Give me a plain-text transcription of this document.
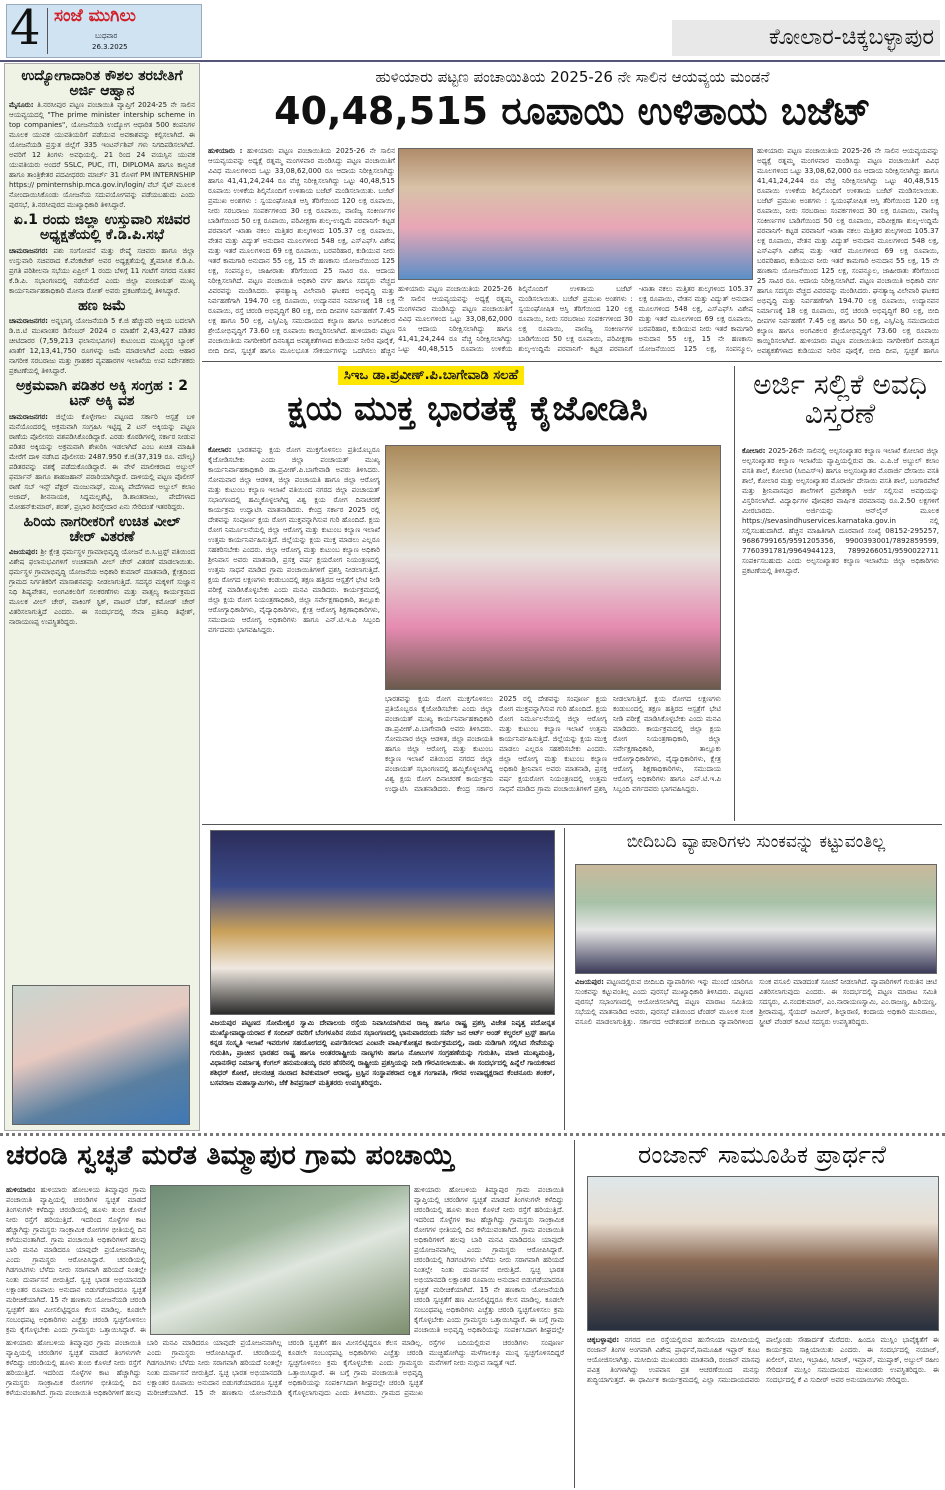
4 ಸಂಜೆ ಮುಗಿಲು
ಬುಧವಾರ
26.3.2025	ಕೋಲಾರ-ಚಿಕ್ಕಬಳ್ಳಾಪುರ
ಉದ್ಯೋಗಾದಾರಿತ ಕೌಶಲ ತರಬೇತಿಗೆ ಅರ್ಜಿ ಆಹ್ವಾನ
ಮೈಸೂರು: ತಿ.ನರಸೀಪುರ ಪಟ್ಟಣ ಪಂಚಾಯಿತಿ ವ್ಯಾಪ್ತಿಗೆ 2024-25 ನೇ ಸಾಲಿನ ಆಯವ್ಯಯದಲ್ಲಿ "The prime minister intership scheme in top companies", ಯೋಜನೆಯಡಿ ಉದ್ಯೋಗ ಆಧಾರಿತ 500 ಕಂಪನಿಗಳ ಮೂಲಕ ಯುವಕ ಯುವತಿಯರಿಗೆ ಪಡೆಯುವ ಅವಕಾಶವನ್ನು ಕಲ್ಪಿಸಲಾಗಿದೆ. ಈ ಯೋಜನೆಯಡಿ ಪ್ರಸ್ತುತ ಜಿಲ್ಲೆಗೆ 335 ಇಂಟರ್ನ್‌ಶಿಪ್ ಗಳು ನಿಗದಿಪಡಿಸಲಾಗಿದೆ. ಅವರಿಗೆ 12 ತಿಂಗಳು ಅವಧಿಯಲ್ಲಿ. 21 ರಿಂದ 24 ವಯಸ್ಸಿನ ಯುವಕ ಯುವತಿಯರು ಅಂದರೆ SSLC, PUC, ITI, DIPLOMA ಹಾಗೂ ಕಾಲ್ಪನಿಕ ಹಾಗೂ ತಾಂತ್ರಿಕೇತರ ಪದವೀಧರರು ಮಾರ್ಚ್ 31 ರೊಳಗೆ PM INTERNSHIP https:// pminternship.mca.gov.in/login/ ವೆಬ್ ಸೈಟ್ ಮೂಲಕ ನೋಂದಾಯಿಸಿಕೊಂಡು ಯೋಜನೆಯ ಸದುಪಯೋಗವನ್ನು ಪಡೆಯಬಹುದು ಎಂದು ಪುರಸಭೆ, ತಿ.ನರಸೀಪುರದ ಮುಖ್ಯಾಧಿಕಾರಿ ತಿಳಿಸಿದ್ದಾರೆ.
ಏ.1 ರಂದು ಜಿಲ್ಲಾ ಉಸ್ತುವಾರಿ ಸಚಿವರ ಅಧ್ಯಕ್ಷತೆಯಲ್ಲಿ ಕೆ.ಡಿ.ಪಿ.ಸಭೆ
ಚಾಮರಾಜನಗರ: ಪಶು ಸಂಗೋಪನೆ ಮತ್ತು ರೇಷ್ಮೆ ಸಚಿವರು ಹಾಗೂ ಜಿಲ್ಲಾ ಉಸ್ತುವಾರಿ ಸಚಿವರಾದ ಕೆ.ವೆಂಕಟೇಶ್ ಅವರ ಅಧ್ಯಕ್ಷತೆಯಲ್ಲಿ ತ್ರೈಮಾಸಿಕ ಕೆ.ಡಿ.ಪಿ. ಪ್ರಗತಿ ಪರಿಶೀಲನಾ ಸಭೆಯು ಏಪ್ರಿಲ್ 1 ರಂದು ಬೆಳಿಗ್ಗೆ 11 ಗಂಟೆಗೆ ನಗರದ ನೂತನ ಕೆ.ಡಿ.ಪಿ. ಸಭಾಂಗಣದಲ್ಲಿ ನಡೆಯಲಿದೆ ಎಂದು ಜಿಲ್ಲಾ ಪಂಚಾಯತ್ ಮುಖ್ಯ ಕಾರ್ಯನಿರ್ವಾಹಕಾಧಿಕಾರಿ ಮೋನಾ ರೋತ್ ಅವರು ಪ್ರಕಟಣೆಯಲ್ಲಿ ತಿಳಿಸಿದ್ದಾರೆ.
ಹಣ ಜಮೆ
ಚಾಮರಾಜನಗರ: ಅನ್ನಭಾಗ್ಯ ಯೋಜನೆಯಡಿ 5 ಕೆ.ಜಿ ಹೆಚ್ಚುವರಿ ಅಕ್ಕಿಯ ಬದಲಾಗಿ ಡಿ.ಬಿ.ಟಿ ಮುಖಾಂತರ ಡಿಸೆಂಬರ್ 2024 ರ ಮಾಹೆಗೆ 2,43,427 ಪಡಿತರ ಚೀಟಿದಾರರ (7,59,213 ಫಲಾನುಭವಿಗಳ) ಕುಟುಂಬದ ಮುಖ್ಯಸ್ಥರ ಬ್ಯಾಂಕ್ ಖಾತೆಗೆ 12,13,41,750 ರೂಗಳನ್ನು ಜಮೆ ಮಾಡಲಾಗಿದೆ ಎಂದು ಆಹಾರ ನಾಗರೀಕ ಸರಬರಾಜು ಮತ್ತು ಗ್ರಾಹಕರ ವ್ಯವಹಾರಗಳ ಇಲಾಖೆಯ ಉಪ ನಿರ್ದೇಶಕರು ಪ್ರಕಟಣೆಯಲ್ಲಿ ತಿಳಿಸಿದ್ದಾರೆ.
ಅಕ್ರಮವಾಗಿ ಪಡಿತರ ಅಕ್ಕಿ ಸಂಗ್ರಹ : 2 ಟನ್ ಅಕ್ಕಿ ವಶ
ಚಾಮರಾಜನಗರ: ಜಿಲ್ಲೆಯ ಕೊಳ್ಳೇಗಾಲ ಪಟ್ಟಣದ ಸರ್ಕಾರಿ ಆಸ್ಪತ್ರೆ ಬಳಿ ಮನೆಯೊಂದರಲ್ಲಿ ಅಕ್ರಮವಾಗಿ ಸಂಗ್ರಹಿಸಿ ಇಟ್ಟಿದ್ದ 2 ಟನ್ ಅಕ್ಕಿಯನ್ನು ಪಟ್ಟಣ ಠಾಣೆಯ ಪೊಲೀಸರು ವಶಪಡಿಸಿಕೊಂಡಿದ್ದಾರೆ. ಎರಡು ಕೊಠಡಿಗಳಲ್ಲಿ ಸರ್ಕಾರ ನೀಡುವ ಪಡಿತರ ಅಕ್ಕಿಯನ್ನು ಅಕ್ರಮವಾಗಿ ಶೇಖರಿಸಿ ಇಡಲಾಗಿದೆ ಎಂಬ ಖಚಿತ ಮಾಹಿತಿ ಮೇರೆಗೆ ದಾಳಿ ನಡೆಸಿದ ಪೊಲೀಸರು 2487.950 ಕೆ.ಜಿ(37,319 ರೂ. ಮೌಲ್ಯ) ಪಡಿತರವನ್ನು ವಶಕ್ಕೆ ಪಡೆದುಕೊಂಡಿದ್ದಾರೆ. ಈ ವೇಳೆ ಮಾಲೀಕರಾದ ಅಬ್ದುಲ್ ಫರ್ಮಾನ್ ಹಾಗೂ ಶಾಹಜಹಾನ್ ಪರಾರಿಯಾಗಿದ್ದಾರೆ. ದಾಳಿಯಲ್ಲಿ ಪಟ್ಟಣ ಪೊಲೀಸ್ ಠಾಣೆ ಸಬ್ ಇನ್ಸ್ ಪೆಕ್ಟರ್ ಮಂಜುನಾಥ್, ಮುಖ್ಯ ಪೇದೆಗಳಾದ ಅಬ್ದುಲ್ ಕಲಾಂ ಅಜಾದ್, ಶೀನನಾಯಕ, ಸಿದ್ದಮಲ್ಲಶೆಟ್ಟಿ, ಡಿ.ಶಾಂತರಾಜು, ಪೇದೆಗಳಾದ ಮೋಹನ್‌ಕುಮಾರ್, ಶರತ್, ಪ್ರಭಾರ ಶಿರಸ್ತೇದಾರ ಏನು ಸೇರಿದಂತೆ ಇತರರಿದ್ದರು.
ಹಿರಿಯ ನಾಗರೀಕರಿಗೆ ಉಚಿತ ವೀಲ್ ಚೇರ್ ವಿತರಣೆ
ವಿಜಯಪುರ: ಶ್ರೀ ಕ್ಷೇತ್ರ ಧರ್ಮಸ್ಥಳ ಗ್ರಾಮಾಭಿವೃದ್ಧಿ ಯೋಜನೆ ಬಿ.ಸಿ.ಟ್ರಸ್ಟ್ ವತಿಯಿಂದ ವಿಶೇಷ ಫಲಾನುಭವಿಗಳಿಗೆ ಉಚಿತವಾಗಿ ವೀಲ್ ಚೇರ್ ವಿತರಣೆ ಮಾಡಲಾಯಿತು. ಧರ್ಮಸ್ಥಳ ಗ್ರಾಮಾಭಿವೃದ್ಧಿ ಯೋಜನೆಯ ಅಧಿಕಾರಿ ಕುಮಾರ್ ಮಾತನಾಡಿ, ಕ್ಷೇತ್ರದಿಂದ ಗ್ರಾಮದ ನಿರ್ಗತಿಕರಿಗೆ ಮಾಸಾಶನವನ್ನು ನೀಡಲಾಗುತ್ತಿದೆ. ಸದಸ್ಯರ ಮಕ್ಕಳಿಗೆ ಸುಜ್ಞಾನ ನಿಧಿ ಶಿಷ್ಯವೇತನ, ಅಂಗವಿಕಲರಿಗೆ ಸಲಕರಣೆಗಳು ಮತ್ತು ವಾತ್ಸಲ್ಯ ಕಾರ್ಯಕ್ರಮದ ಮೂಲಕ ವೀಲ್ ಚೇರ್, ವಾಕಿಂಗ್ ಸ್ಟಿಕ್, ವಾಟರ್ ಬೆಡ್, ಕಮೋಡ್ ಚೇರ್ ವಿತರಿಸಲಾಗುತ್ತಿದೆ ಎಂದರು. ಈ ಸಂದರ್ಭದಲ್ಲಿ ಸೇವಾ ಪ್ರತಿನಿಧಿ ತಿಪ್ಪೇಶ್, ನಾರಾಯಣಪ್ಪ ಉಪಸ್ಥಿತರಿದ್ದರು.
ಹುಳಿಯಾರು ಪಟ್ಟಣ ಪಂಚಾಯಿತಿಯ 2025-26 ನೇ ಸಾಲಿನ ಆಯವ್ಯಯ ಮಂಡನೆ
40,48,515 ರೂಪಾಯಿ ಉಳಿತಾಯ ಬಜೆಟ್
ಹುಳಿಯಾರು : ಹುಳಿಯಾರು ಪಟ್ಟಣ ಪಂಚಾಯಿತಿಯ 2025-26 ನೇ ಸಾಲಿನ ಆಯವ್ಯಯವನ್ನು ಅಧ್ಯಕ್ಷೆ ರತ್ನಮ್ಮ ಮಂಗಳವಾರ ಮಂಡಿಸಿದ್ದು ಪಟ್ಟಣ ಪಂಚಾಯಿತಿಗೆ ವಿವಿಧ ಮೂಲಗಳಿಂದ ಒಟ್ಟು 33,08,62,000 ರೂ ಆದಾಯ ನಿರೀಕ್ಷಿಸಲಾಗಿದ್ದು ಹಾಗೂ 41,41,24,244 ರೂ ವೆಚ್ಚ ನಿರೀಕ್ಷಿಸಲಾಗಿದ್ದು ಒಟ್ಟು 40,48,515 ರೂಪಾಯಿ ಉಳಿಕೆಯ ಶಿಲ್ಕಿನೊಂದಿಗೆ ಉಳಿತಾಯ ಬಜೆಟ್ ಮಂಡಿಸಲಾಯಿತು. ಬಜೆಟ್ ಪ್ರಮುಖ ಅಂಶಗಳು : ಸ್ವಯಂಘೋಷಿತ ಆಸ್ತಿ ತೆರಿಗೆಯಿಂದ 120 ಲಕ್ಷ ರೂಪಾಯಿ, ನೀರು ಸರಬರಾಜು ಸಂಪರ್ಕಗಳಿಂದ 30 ಲಕ್ಷ ರೂಪಾಯಿ, ವಾಣಿಜ್ಯ ಸಂಕೀರ್ಣಗಳ ಬಾಡಿಗೆಯಿಂದ 50 ಲಕ್ಷ ರೂಪಾಯಿ, ಪರಿವೀಕ್ಷಣಾ ಶುಲ್ಕ-ಉದ್ದಿಮೆ ಪರವಾನಿಗೆ- ಕಟ್ಟಡ ಪರವಾನಿಗೆ -ಖಾತಾ ನಕಲು ಮತ್ತಿತರ ಶುಲ್ಕಗಳಿಂದ 105.37 ಲಕ್ಷ ರೂಪಾಯಿ, ವೇತನ ಮತ್ತು ವಿದ್ಯುತ್ ಅನುದಾನ ಮೂಲಗಳಿಂದ 548 ಲಕ್ಷ, ಎಸ್ಎಫ್‌ಸಿ ವಿಶೇಷ ಮತ್ತು ಇತರೆ ಮೂಲಗಳಿಂದ 69 ಲಕ್ಷ ರೂಪಾಯಿ, ಬರಪರಿಹಾರ, ಕುಡಿಯುವ ನೀರು ಇತರೆ ಕಾಮಗಾರಿ ಅನುದಾನ 55 ಲಕ್ಷ, 15 ನೇ ಹಣಕಾಸು ಯೋಜನೆಯಿಂದ 125 ಲಕ್ಷ, ಸಂಪನ್ಮೂಲ, ಜಾಹೀರಾತು ತೆರಿಗೆಯಿಂದ 25 ಸಾವಿರ ರೂ. ಆದಾಯ ನಿರೀಕ್ಷಿಸಲಾಗಿದೆ. ಪಟ್ಟಣ ಪಂಚಾಯಿತಿ ಅಧಿಕಾರಿ ವರ್ಗ ಹಾಗೂ ಸದಸ್ಯರು ವೆಚ್ಚದ ವಿವರವನ್ನು ಮಂಡಿಸಿದರು. ಘನತ್ಯಾಜ್ಯ ವಿಲೇವಾರಿ ಘಟಕದ ಅಭಿವೃದ್ಧಿ ಮತ್ತು ನಿರ್ವಹಣೆಗಾಗಿ 194.70 ಲಕ್ಷ ರೂಪಾಯಿ, ಉದ್ಯಾನವನ ನಿರ್ಮಾಣಕ್ಕೆ 18 ಲಕ್ಷ ರೂಪಾಯಿ, ರಸ್ತೆ ಚರಂಡಿ ಅಭಿವೃದ್ಧಿಗೆ 80 ಲಕ್ಷ, ಬೀದಿ ದೀಪಗಳ ನಿರ್ವಹಣೆಗೆ 7.45 ಲಕ್ಷ ಹಾಗೂ 50 ಲಕ್ಷ, ಎಸ್ಸಿ/ಎಸ್ಟಿ ಸಮುದಾಯದ ಕಲ್ಯಾಣ ಹಾಗೂ ಅಂಗವಿಕಲರ ಶ್ರೇಯೋಭಿವೃದ್ಧಿಗೆ 73.60 ಲಕ್ಷ ರೂಪಾಯಿ ಕಾಯ್ದಿರಿಸಲಾಗಿದೆ. ಹುಳಿಯಾರು ಪಟ್ಟಣ ಪಂಚಾಯಿತಿಯ ನಾಗರೀಕರಿಗೆ ದಿನನಿತ್ಯದ ಅವಶ್ಯಕತೆಗಳಾದ ಕುಡಿಯುವ ನೀರಿನ ಪೂರೈಕೆ, ಬೀದಿ ದೀಪ, ಸ್ವಚ್ಛತೆ ಹಾಗೂ ಮೂಲಭೂತ ಸೌಕರ್ಯಗಳನ್ನು ಒದಗಿಸಲು ಹೆಚ್ಚಿನ
ಹುಳಿಯಾರು ಪಟ್ಟಣ ಪಂಚಾಯಿತಿಯ 2025-26 ನೇ ಸಾಲಿನ ಆಯವ್ಯಯವನ್ನು ಅಧ್ಯಕ್ಷೆ ರತ್ನಮ್ಮ ಮಂಗಳವಾರ ಮಂಡಿಸಿದ್ದು ಪಟ್ಟಣ ಪಂಚಾಯಿತಿಗೆ ವಿವಿಧ ಮೂಲಗಳಿಂದ ಒಟ್ಟು 33,08,62,000 ರೂ ಆದಾಯ ನಿರೀಕ್ಷಿಸಲಾಗಿದ್ದು ಹಾಗೂ 41,41,24,244 ರೂ ವೆಚ್ಚ ನಿರೀಕ್ಷಿಸಲಾಗಿದ್ದು ಒಟ್ಟು 40,48,515 ರೂಪಾಯಿ ಉಳಿಕೆಯ ಶಿಲ್ಕಿನೊಂದಿಗೆ ಉಳಿತಾಯ ಬಜೆಟ್ ಮಂಡಿಸಲಾಯಿತು. ಬಜೆಟ್ ಪ್ರಮುಖ ಅಂಶಗಳು : ಸ್ವಯಂಘೋಷಿತ ಆಸ್ತಿ ತೆರಿಗೆಯಿಂದ 120 ಲಕ್ಷ ರೂಪಾಯಿ, ನೀರು ಸರಬರಾಜು ಸಂಪರ್ಕಗಳಿಂದ 30 ಲಕ್ಷ ರೂಪಾಯಿ, ವಾಣಿಜ್ಯ ಸಂಕೀರ್ಣಗಳ ಬಾಡಿಗೆಯಿಂದ 50 ಲಕ್ಷ ರೂಪಾಯಿ, ಪರಿವೀಕ್ಷಣಾ ಶುಲ್ಕ-ಉದ್ದಿಮೆ ಪರವಾನಿಗೆ- ಕಟ್ಟಡ ಪರವಾನಿಗೆ -ಖಾತಾ ನಕಲು ಮತ್ತಿತರ ಶುಲ್ಕಗಳಿಂದ 105.37 ಲಕ್ಷ ರೂಪಾಯಿ, ವೇತನ ಮತ್ತು ವಿದ್ಯುತ್ ಅನುದಾನ ಮೂಲಗಳಿಂದ 548 ಲಕ್ಷ, ಎಸ್ಎಫ್‌ಸಿ ವಿಶೇಷ ಮತ್ತು ಇತರೆ ಮೂಲಗಳಿಂದ 69 ಲಕ್ಷ ರೂಪಾಯಿ, ಬರಪರಿಹಾರ, ಕುಡಿಯುವ ನೀರು ಇತರೆ ಕಾಮಗಾರಿ ಅನುದಾನ 55 ಲಕ್ಷ, 15 ನೇ ಹಣಕಾಸು ಯೋಜನೆಯಿಂದ 125 ಲಕ್ಷ, ಸಂಪನ್ಮೂಲ,
ಹುಳಿಯಾರು ಪಟ್ಟಣ ಪಂಚಾಯಿತಿಯ 2025-26 ನೇ ಸಾಲಿನ ಆಯವ್ಯಯವನ್ನು ಅಧ್ಯಕ್ಷೆ ರತ್ನಮ್ಮ ಮಂಗಳವಾರ ಮಂಡಿಸಿದ್ದು ಪಟ್ಟಣ ಪಂಚಾಯಿತಿಗೆ ವಿವಿಧ ಮೂಲಗಳಿಂದ ಒಟ್ಟು 33,08,62,000 ರೂ ಆದಾಯ ನಿರೀಕ್ಷಿಸಲಾಗಿದ್ದು ಹಾಗೂ 41,41,24,244 ರೂ ವೆಚ್ಚ ನಿರೀಕ್ಷಿಸಲಾಗಿದ್ದು ಒಟ್ಟು 40,48,515 ರೂಪಾಯಿ ಉಳಿಕೆಯ ಶಿಲ್ಕಿನೊಂದಿಗೆ ಉಳಿತಾಯ ಬಜೆಟ್ ಮಂಡಿಸಲಾಯಿತು. ಬಜೆಟ್ ಪ್ರಮುಖ ಅಂಶಗಳು : ಸ್ವಯಂಘೋಷಿತ ಆಸ್ತಿ ತೆರಿಗೆಯಿಂದ 120 ಲಕ್ಷ ರೂಪಾಯಿ, ನೀರು ಸರಬರಾಜು ಸಂಪರ್ಕಗಳಿಂದ 30 ಲಕ್ಷ ರೂಪಾಯಿ, ವಾಣಿಜ್ಯ ಸಂಕೀರ್ಣಗಳ ಬಾಡಿಗೆಯಿಂದ 50 ಲಕ್ಷ ರೂಪಾಯಿ, ಪರಿವೀಕ್ಷಣಾ ಶುಲ್ಕ-ಉದ್ದಿಮೆ ಪರವಾನಿಗೆ- ಕಟ್ಟಡ ಪರವಾನಿಗೆ -ಖಾತಾ ನಕಲು ಮತ್ತಿತರ ಶುಲ್ಕಗಳಿಂದ 105.37 ಲಕ್ಷ ರೂಪಾಯಿ, ವೇತನ ಮತ್ತು ವಿದ್ಯುತ್ ಅನುದಾನ ಮೂಲಗಳಿಂದ 548 ಲಕ್ಷ, ಎಸ್ಎಫ್‌ಸಿ ವಿಶೇಷ ಮತ್ತು ಇತರೆ ಮೂಲಗಳಿಂದ 69 ಲಕ್ಷ ರೂಪಾಯಿ, ಬರಪರಿಹಾರ, ಕುಡಿಯುವ ನೀರು ಇತರೆ ಕಾಮಗಾರಿ ಅನುದಾನ 55 ಲಕ್ಷ, 15 ನೇ ಹಣಕಾಸು ಯೋಜನೆಯಿಂದ 125 ಲಕ್ಷ, ಸಂಪನ್ಮೂಲ, ಜಾಹೀರಾತು ತೆರಿಗೆಯಿಂದ 25 ಸಾವಿರ ರೂ. ಆದಾಯ ನಿರೀಕ್ಷಿಸಲಾಗಿದೆ. ಪಟ್ಟಣ ಪಂಚಾಯಿತಿ ಅಧಿಕಾರಿ ವರ್ಗ ಹಾಗೂ ಸದಸ್ಯರು ವೆಚ್ಚದ ವಿವರವನ್ನು ಮಂಡಿಸಿದರು. ಘನತ್ಯಾಜ್ಯ ವಿಲೇವಾರಿ ಘಟಕದ ಅಭಿವೃದ್ಧಿ ಮತ್ತು ನಿರ್ವಹಣೆಗಾಗಿ 194.70 ಲಕ್ಷ ರೂಪಾಯಿ, ಉದ್ಯಾನವನ ನಿರ್ಮಾಣಕ್ಕೆ 18 ಲಕ್ಷ ರೂಪಾಯಿ, ರಸ್ತೆ ಚರಂಡಿ ಅಭಿವೃದ್ಧಿಗೆ 80 ಲಕ್ಷ, ಬೀದಿ ದೀಪಗಳ ನಿರ್ವಹಣೆಗೆ 7.45 ಲಕ್ಷ ಹಾಗೂ 50 ಲಕ್ಷ, ಎಸ್ಸಿ/ಎಸ್ಟಿ ಸಮುದಾಯದ ಕಲ್ಯಾಣ ಹಾಗೂ ಅಂಗವಿಕಲರ ಶ್ರೇಯೋಭಿವೃದ್ಧಿಗೆ 73.60 ಲಕ್ಷ ರೂಪಾಯಿ ಕಾಯ್ದಿರಿಸಲಾಗಿದೆ. ಹುಳಿಯಾರು ಪಟ್ಟಣ ಪಂಚಾಯಿತಿಯ ನಾಗರೀಕರಿಗೆ ದಿನನಿತ್ಯದ ಅವಶ್ಯಕತೆಗಳಾದ ಕುಡಿಯುವ ನೀರಿನ ಪೂರೈಕೆ, ಬೀದಿ ದೀಪ, ಸ್ವಚ್ಛತೆ ಹಾಗೂ
ಸಿಇಒ ಡಾ.ಪ್ರವೀಣ್.ಪಿ.ಬಾಗೇವಾಡಿ ಸಲಹೆ
ಕ್ಷಯ ಮುಕ್ತ ಭಾರತಕ್ಕೆ ಕೈಜೋಡಿಸಿ
ಕೋಲಾರ: ಭಾರತವನ್ನು ಕ್ಷಯ ರೋಗ ಮುಕ್ತಗೊಳಿಸಲು ಪ್ರತಿಯೊಬ್ಬರೂ ಕೈಜೋಡಿಸಬೇಕು ಎಂದು ಜಿಲ್ಲಾ ಪಂಚಾಯತ್ ಮುಖ್ಯ ಕಾರ್ಯನಿರ್ವಾಹಕಾಧಿಕಾರಿ ಡಾ.ಪ್ರವೀಣ್.ಪಿ.ಬಾಗೇವಾಡಿ ಅವರು ತಿಳಿಸಿದರು. ಸೋಮವಾರ ಜಿಲ್ಲಾ ಆಡಳಿತ, ಜಿಲ್ಲಾ ಪಂಚಾಯತಿ ಹಾಗೂ ಜಿಲ್ಲಾ ಆರೋಗ್ಯ ಮತ್ತು ಕುಟುಂಬ ಕಲ್ಯಾಣ ಇಲಾಖೆ ವತಿಯಿಂದ ನಗರದ ಜಿಲ್ಲಾ ಪಂಚಾಯತ್ ಸಭಾಂಗಣದಲ್ಲಿ ಹಮ್ಮಿಕೊಳ್ಳಲಾಗಿದ್ದ ವಿಶ್ವ ಕ್ಷಯ ರೋಗ ದಿನಾಚರಣೆ ಕಾರ್ಯಕ್ರಮ ಉದ್ಘಾಟಿಸಿ ಮಾತನಾಡಿದರು. ಕೇಂದ್ರ ಸರ್ಕಾರ 2025 ರಲ್ಲಿ ದೇಶವನ್ನು ಸಂಪೂರ್ಣ ಕ್ಷಯ ರೋಗ ಮುಕ್ತವನ್ನಾಗಿಸುವ ಗುರಿ ಹೊಂದಿದೆ. ಕ್ಷಯ ರೋಗ ನಿರ್ಮೂಲನೆಯಲ್ಲಿ ಜಿಲ್ಲಾ ಆರೋಗ್ಯ ಮತ್ತು ಕುಟುಂಬ ಕಲ್ಯಾಣ ಇಲಾಖೆ ಉತ್ತಮ ಕಾರ್ಯನಿರ್ವಹಿಸುತ್ತಿದೆ. ಜಿಲ್ಲೆಯನ್ನು ಕ್ಷಯ ಮುಕ್ತ ಮಾಡಲು ಎಲ್ಲರೂ ಸಹಕರಿಸಬೇಕು ಎಂದರು. ಜಿಲ್ಲಾ ಆರೋಗ್ಯ ಮತ್ತು ಕುಟುಂಬ ಕಲ್ಯಾಣ ಅಧಿಕಾರಿ ಶ್ರೀನಿವಾಸ ಅವರು ಮಾತನಾಡಿ, ಪ್ರಸಕ್ತ ವರ್ಷ ಕ್ಷಯರೋಗ ನಿಯಂತ್ರಣದಲ್ಲಿ ಉತ್ತಮ ಸಾಧನೆ ಮಾಡಿದ ಗ್ರಾಮ ಪಂಚಾಯಿತಿಗಳಿಗೆ ಪ್ರಶಸ್ತಿ ನೀಡಲಾಗುತ್ತಿದೆ. ಕ್ಷಯ ರೋಗದ ಲಕ್ಷಣಗಳು ಕಂಡುಬಂದಲ್ಲಿ ತಕ್ಷಣ ಹತ್ತಿರದ ಆಸ್ಪತ್ರೆಗೆ ಭೇಟಿ ನೀಡಿ ಪರೀಕ್ಷೆ ಮಾಡಿಸಿಕೊಳ್ಳಬೇಕು ಎಂದು ಮನವಿ ಮಾಡಿದರು. ಕಾರ್ಯಕ್ರಮದಲ್ಲಿ ಜಿಲ್ಲಾ ಕ್ಷಯ ರೋಗ ನಿಯಂತ್ರಣಾಧಿಕಾರಿ, ಜಿಲ್ಲಾ ಸರ್ವೇಕ್ಷಣಾಧಿಕಾರಿ, ತಾಲ್ಲೂಕು ಆರೋಗ್ಯಾಧಿಕಾರಿಗಳು, ವೈದ್ಯಾಧಿಕಾರಿಗಳು, ಕ್ಷೇತ್ರ ಆರೋಗ್ಯ ಶಿಕ್ಷಣಾಧಿಕಾರಿಗಳು, ಸಮುದಾಯ ಆರೋಗ್ಯ ಅಧಿಕಾರಿಗಳು ಹಾಗೂ ಎನ್.ಟಿ.ಇ.ಪಿ ಸಿಬ್ಬಂದಿ ವರ್ಗದವರು ಭಾಗವಹಿಸಿದ್ದರು.
ಭಾರತವನ್ನು ಕ್ಷಯ ರೋಗ ಮುಕ್ತಗೊಳಿಸಲು ಪ್ರತಿಯೊಬ್ಬರೂ ಕೈಜೋಡಿಸಬೇಕು ಎಂದು ಜಿಲ್ಲಾ ಪಂಚಾಯತ್ ಮುಖ್ಯ ಕಾರ್ಯನಿರ್ವಾಹಕಾಧಿಕಾರಿ ಡಾ.ಪ್ರವೀಣ್.ಪಿ.ಬಾಗೇವಾಡಿ ಅವರು ತಿಳಿಸಿದರು. ಸೋಮವಾರ ಜಿಲ್ಲಾ ಆಡಳಿತ, ಜಿಲ್ಲಾ ಪಂಚಾಯತಿ ಹಾಗೂ ಜಿಲ್ಲಾ ಆರೋಗ್ಯ ಮತ್ತು ಕುಟುಂಬ ಕಲ್ಯಾಣ ಇಲಾಖೆ ವತಿಯಿಂದ ನಗರದ ಜಿಲ್ಲಾ ಪಂಚಾಯತ್ ಸಭಾಂಗಣದಲ್ಲಿ ಹಮ್ಮಿಕೊಳ್ಳಲಾಗಿದ್ದ ವಿಶ್ವ ಕ್ಷಯ ರೋಗ ದಿನಾಚರಣೆ ಕಾರ್ಯಕ್ರಮ ಉದ್ಘಾಟಿಸಿ ಮಾತನಾಡಿದರು. ಕೇಂದ್ರ ಸರ್ಕಾರ 2025 ರಲ್ಲಿ ದೇಶವನ್ನು ಸಂಪೂರ್ಣ ಕ್ಷಯ ರೋಗ ಮುಕ್ತವನ್ನಾಗಿಸುವ ಗುರಿ ಹೊಂದಿದೆ. ಕ್ಷಯ ರೋಗ ನಿರ್ಮೂಲನೆಯಲ್ಲಿ ಜಿಲ್ಲಾ ಆರೋಗ್ಯ ಮತ್ತು ಕುಟುಂಬ ಕಲ್ಯಾಣ ಇಲಾಖೆ ಉತ್ತಮ ಕಾರ್ಯನಿರ್ವಹಿಸುತ್ತಿದೆ. ಜಿಲ್ಲೆಯನ್ನು ಕ್ಷಯ ಮುಕ್ತ ಮಾಡಲು ಎಲ್ಲರೂ ಸಹಕರಿಸಬೇಕು ಎಂದರು. ಜಿಲ್ಲಾ ಆರೋಗ್ಯ ಮತ್ತು ಕುಟುಂಬ ಕಲ್ಯಾಣ ಅಧಿಕಾರಿ ಶ್ರೀನಿವಾಸ ಅವರು ಮಾತನಾಡಿ, ಪ್ರಸಕ್ತ ವರ್ಷ ಕ್ಷಯರೋಗ ನಿಯಂತ್ರಣದಲ್ಲಿ ಉತ್ತಮ ಸಾಧನೆ ಮಾಡಿದ ಗ್ರಾಮ ಪಂಚಾಯಿತಿಗಳಿಗೆ ಪ್ರಶಸ್ತಿ ನೀಡಲಾಗುತ್ತಿದೆ. ಕ್ಷಯ ರೋಗದ ಲಕ್ಷಣಗಳು ಕಂಡುಬಂದಲ್ಲಿ ತಕ್ಷಣ ಹತ್ತಿರದ ಆಸ್ಪತ್ರೆಗೆ ಭೇಟಿ ನೀಡಿ ಪರೀಕ್ಷೆ ಮಾಡಿಸಿಕೊಳ್ಳಬೇಕು ಎಂದು ಮನವಿ ಮಾಡಿದರು. ಕಾರ್ಯಕ್ರಮದಲ್ಲಿ ಜಿಲ್ಲಾ ಕ್ಷಯ ರೋಗ ನಿಯಂತ್ರಣಾಧಿಕಾರಿ, ಜಿಲ್ಲಾ ಸರ್ವೇಕ್ಷಣಾಧಿಕಾರಿ, ತಾಲ್ಲೂಕು ಆರೋಗ್ಯಾಧಿಕಾರಿಗಳು, ವೈದ್ಯಾಧಿಕಾರಿಗಳು, ಕ್ಷೇತ್ರ ಆರೋಗ್ಯ ಶಿಕ್ಷಣಾಧಿಕಾರಿಗಳು, ಸಮುದಾಯ ಆರೋಗ್ಯ ಅಧಿಕಾರಿಗಳು ಹಾಗೂ ಎನ್.ಟಿ.ಇ.ಪಿ ಸಿಬ್ಬಂದಿ ವರ್ಗದವರು ಭಾಗವಹಿಸಿದ್ದರು.
ಅರ್ಜಿ ಸಲ್ಲಿಕೆ ಅವಧಿ ವಿಸ್ತರಣೆ
ಕೋಲಾರ: 2025-26ನೇ ಸಾಲಿನಲ್ಲಿ ಅಲ್ಪಸಂಖ್ಯಾತರ ಕಲ್ಯಾಣ ಇಲಾಖೆ ಕೋಲಾರ ಜಿಲ್ಲಾ ಅಲ್ಪಸಂಖ್ಯಾತರ ಕಲ್ಯಾಣ ಇಲಾಖೆಯ ವ್ಯಾಪ್ತಿಯಲ್ಲಿರುವ ಡಾ. ಎ.ಪಿ.ಜೆ ಅಬ್ದುಲ್ ಕಲಾಂ ವಸತಿ ಶಾಲೆ, ಕೋಲಾರ (ಸಿಬಿಎಸ್‌ಇ) ಹಾಗೂ ಅಲ್ಪಸಂಖ್ಯಾತರ ಮೊರಾರ್ಜಿ ದೇಸಾಯಿ ವಸತಿ ಶಾಲೆ, ಕೋಲಾರ ಮತ್ತು ಅಲ್ಪಸಂಖ್ಯಾತರ ಮೊರಾರ್ಜಿ ದೇಸಾಯಿ ವಸತಿ ಶಾಲೆ, ಬಂಗಾರಪೇಟೆ ಮತ್ತು ಶ್ರೀನಿವಾಸಪುರ ಶಾಲೆಗಳಿಗೆ ಪ್ರವೇಶಕ್ಕಾಗಿ ಅರ್ಜಿ ಸಲ್ಲಿಸುವ ಅವಧಿಯನ್ನು ವಿಸ್ತರಿಸಲಾಗಿದೆ. ವಿದ್ಯಾರ್ಥಿಗಳ ಪೋಷಕರ ವಾರ್ಷಿಕ ವರಮಾನವು ರೂ.2.50 ಲಕ್ಷಗಳಿಗೆ ಮೀರಬಾರದು. ಅರ್ಜಿಯನ್ನು ಆನ್‌ಲೈನ್ ಮೂಲಕ https://sevasindhuservices.karnataka.gov.in ನಲ್ಲಿ ಸಲ್ಲಿಸಬಹುದಾಗಿದೆ. ಹೆಚ್ಚಿನ ಮಾಹಿತಿಗಾಗಿ ದೂರವಾಣಿ ಸಂಖ್ಯೆ 08152-295257, 9686799165/9591205356, 9900393001/7892859599, 7760391781/9964944123, 7899266051/9590022711 ಸಂಪರ್ಕಿಸಬಹುದು ಎಂದು ಅಲ್ಪಸಂಖ್ಯಾತರ ಕಲ್ಯಾಣ ಇಲಾಖೆಯ ಜಿಲ್ಲಾ ಅಧಿಕಾರಿಗಳು ಪ್ರಕಟಣೆಯಲ್ಲಿ ತಿಳಿಸಿದ್ದಾರೆ.
ವಿಜಯಪುರ ಪಟ್ಟಣದ ಸೋಮೇಶ್ವರ ಸ್ವಾಮಿ ದೇವಾಲಯ ರಸ್ತೆಯ ನಿವಾಸಿಯಾಗಿರುವ ರಾಜ್ಯ ಹಾಗೂ ರಾಷ್ಟ್ರ ಪ್ರಶಸ್ತಿ ವಿಜೇತ ನಿವೃತ್ತ ಪದೋನ್ನತ ಮುಖ್ಯೋಪಾಧ್ಯಾಯರಾದ ಕೆ ಸಂದೀಪ್ ರವರಿಗೆ ಬೆಂಗಳೂರಿನ ನಯನ ಸಭಾಂಗಣದಲ್ಲಿ ಭಾನುವಾರದಂದು ಸರ್ವೇ ಜನ ಆರ್ಟ್ ಅಂಡ್ ಕಲ್ಚರಲ್ ಟ್ರಸ್ಟ್ ಹಾಗೂ ಕನ್ನಡ ಸಂಸ್ಕೃತಿ ಇಲಾಖೆ ಇವರುಗಳ ಸಹಯೋಗದಲ್ಲಿ ಏರ್ಪಡಿಸಲಾದ ಎಂಟನೇ ವಾರ್ಷಿಕೋತ್ಸವ ಕಾರ್ಯಕ್ರಮದಲ್ಲಿ, ನಾಡು ನುಡಿಗಾಗಿ ಸಲ್ಲಿಸಿದ ಸೇವೆಯನ್ನು ಗುರುತಿಸಿ, ಪ್ರಾಚೀನ ಭಾರತದ ರಾಷ್ಟ್ರ ಹಾಗೂ ಅಂತರರಾಷ್ಟ್ರೀಯ ನಾಣ್ಯಗಳು ಹಾಗೂ ನೋಟುಗಳ ಸಂಗ್ರಹಣೆಯನ್ನು ಗುರುತಿಸಿ, ಮಾಜಿ ಮುಖ್ಯಮಂತ್ರಿ, ವಿಧಾನಸೌಧ ನಿರ್ಮಾತೃ ಕೆಂಗಲ್ ಹನುಮಂತಯ್ಯ ರವರ ಹೆಸರಿನಲ್ಲಿ ರಾಷ್ಟ್ರೀಯ ಪ್ರಶಸ್ತಿಯನ್ನು ನೀಡಿ ಗೌರವಿಸಲಾಯಿತು. ಈ ಸಂದರ್ಭದಲ್ಲಿ ಹಿನ್ನೆಲೆ ಗಾಯಕರಾದ ಶಶಿಧರ್ ಕೋಟೆ, ಚಲನಚಿತ್ರ ನಟರಾದ ಶಿವಕುಮಾರ್ ಆರಾಧ್ಯ, ಟ್ರಸ್ಟಿನ ಸಂಸ್ಥಾಪಕರಾದ ಲಕ್ಷಿತ ಗಂಗಾಪತಿ, ಗೌರವ ಉಪಾಧ್ಯಕ್ಷರಾದ ಕೆಂಚನೂರು ಶಂಕರ್, ಬಸವರಾಜ ಮಹಾಸ್ವಾಮಿಗಳು, ಜೆಕೆ ಶಿವಪ್ರಸಾದ್ ಮತ್ತಿತರರು ಉಪಸ್ಥಿತರಿದ್ದರು.
ಬೀದಿಬದಿ ವ್ಯಾಪಾರಿಗಳು ಸುಂಕವನ್ನು ಕಟ್ಟುವಂತಿಲ್ಲ
ವಿಜಯಪುರ: ಪಟ್ಟಣದಲ್ಲಿರುವ ಬೀದಿಬದಿ ವ್ಯಾಪಾರಿಗಳು ಇನ್ನು ಮುಂದೆ ಯಾರಿಗೂ ಸುಂಕವನ್ನು ಕಟ್ಟುವಂತಿಲ್ಲ ಎಂದು ಪುರಸಭೆ ಮುಖ್ಯಾಧಿಕಾರಿ ತಿಳಿಸಿದರು. ಪಟ್ಟಣದ ಪುರಸಭೆ ಸಭಾಂಗಣದಲ್ಲಿ ಆಯೋಜಿಸಲಾಗಿದ್ದ ಪಟ್ಟಣ ಮಾರಾಟ ಸಮಿತಿಯ ಸಭೆಯಲ್ಲಿ ಮಾತನಾಡಿದ ಅವರು, ಪುರಸಭೆ ವತಿಯಿಂದ ಟೆಂಡರ್ ಮೂಲಕ ಸುಂಕ ವಸೂಲಿ ಮಾಡಲಾಗುತ್ತಿತ್ತು. ಸರ್ಕಾರದ ಆದೇಶದಂತೆ ಬೀದಿಬದಿ ವ್ಯಾಪಾರಿಗಳಿಂದ ಸುಂಕ ವಸೂಲಿ ಮಾಡದಂತೆ ಸೂಚನೆ ನೀಡಲಾಗಿದೆ. ವ್ಯಾಪಾರಿಗಳಿಗೆ ಗುರುತಿನ ಚೀಟಿ ವಿತರಿಸಲಾಗುವುದು ಎಂದರು. ಈ ಸಂದರ್ಭದಲ್ಲಿ ಪಟ್ಟಣ ಮಾರಾಟ ಸಮಿತಿ ಸದಸ್ಯರು, ವಿ.ನಂದಕುಮಾರ್, ಎಂ.ನಾರಾಯಣಸ್ವಾಮಿ, ಎಂ.ರಾಜಣ್ಣ, ಹಿರಿಯಣ್ಣ, ಶ್ರೀರಾಮಪ್ಪ, ಸೈಯದ್ ಜಮೀರ್, ಶಿಲ್ಪಾರಾಣಿ, ಕಂದಾಯ ಅಧಿಕಾರಿ ಮುನಿರಾಜು, ಸ್ಟ್ರೀಟ್ ವೆಂಡರ್ ಕಮಿಟಿ ಸದಸ್ಯರು ಉಪಸ್ಥಿತರಿದ್ದರು.
ಚರಂಡಿ ಸ್ವಚ್ಛತೆ ಮರೆತ ತಿಮ್ಮಾಪುರ ಗ್ರಾಮ ಪಂಚಾಯ್ತಿ
ಹುಳಿಯಾರು: ಹುಳಿಯಾರು ಹೋಬಳಿಯ ತಿಮ್ಮಾಪುರ ಗ್ರಾಮ ಪಂಚಾಯಿತಿ ವ್ಯಾಪ್ತಿಯಲ್ಲಿ ಚರಂಡಿಗಳ ಸ್ವಚ್ಛತೆ ಮಾಡದೆ ತಿಂಗಳುಗಳೇ ಕಳೆದಿದ್ದು ಚರಂಡಿಯಲ್ಲಿ ಹೂಳು ತುಂಬಿ ಕೊಳಚೆ ನೀರು ರಸ್ತೆಗೆ ಹರಿಯುತ್ತಿದೆ. ಇದರಿಂದ ಸೊಳ್ಳೆಗಳ ಕಾಟ ಹೆಚ್ಚಾಗಿದ್ದು ಗ್ರಾಮಸ್ಥರು ಸಾಂಕ್ರಾಮಿಕ ರೋಗಗಳ ಭೀತಿಯಲ್ಲಿ ದಿನ ಕಳೆಯುವಂತಾಗಿದೆ. ಗ್ರಾಮ ಪಂಚಾಯಿತಿ ಅಧಿಕಾರಿಗಳಿಗೆ ಹಲವು ಬಾರಿ ಮನವಿ ಮಾಡಿದರೂ ಯಾವುದೇ ಪ್ರಯೋಜನವಾಗಿಲ್ಲ ಎಂದು ಗ್ರಾಮಸ್ಥರು ಆರೋಪಿಸಿದ್ದಾರೆ. ಚರಂಡಿಯಲ್ಲಿ ಗಿಡಗಂಟಿಗಳು ಬೆಳೆದು ನೀರು ಸರಾಗವಾಗಿ ಹರಿಯದೆ ನಿಂತಲ್ಲೇ ನಿಂತು ದುರ್ವಾಸನೆ ಬೀರುತ್ತಿದೆ. ಸ್ವಚ್ಛ ಭಾರತ ಅಭಿಯಾನದಡಿ ಲಕ್ಷಾಂತರ ರೂಪಾಯಿ ಅನುದಾನ ಬಿಡುಗಡೆಯಾದರೂ ಸ್ವಚ್ಛತೆ ಮರೀಚಿಕೆಯಾಗಿದೆ. 15 ನೇ ಹಣಕಾಸು ಯೋಜನೆಯಡಿ ಚರಂಡಿ ಸ್ವಚ್ಛತೆಗೆ ಹಣ ಮೀಸಲಿಟ್ಟಿದ್ದರೂ ಕೆಲಸ ಮಾಡಿಲ್ಲ. ಕೂಡಲೇ ಸಂಬಂಧಪಟ್ಟ ಅಧಿಕಾರಿಗಳು ಎಚ್ಚೆತ್ತು ಚರಂಡಿ ಸ್ವಚ್ಛಗೊಳಿಸಲು ಕ್ರಮ ಕೈಗೊಳ್ಳಬೇಕು ಎಂದು ಗ್ರಾಮಸ್ಥರು ಒತ್ತಾಯಿಸಿದ್ದಾರೆ. ಈ
ಹುಳಿಯಾರು ಹೋಬಳಿಯ ತಿಮ್ಮಾಪುರ ಗ್ರಾಮ ಪಂಚಾಯಿತಿ ವ್ಯಾಪ್ತಿಯಲ್ಲಿ ಚರಂಡಿಗಳ ಸ್ವಚ್ಛತೆ ಮಾಡದೆ ತಿಂಗಳುಗಳೇ ಕಳೆದಿದ್ದು ಚರಂಡಿಯಲ್ಲಿ ಹೂಳು ತುಂಬಿ ಕೊಳಚೆ ನೀರು ರಸ್ತೆಗೆ ಹರಿಯುತ್ತಿದೆ. ಇದರಿಂದ ಸೊಳ್ಳೆಗಳ ಕಾಟ ಹೆಚ್ಚಾಗಿದ್ದು ಗ್ರಾಮಸ್ಥರು ಸಾಂಕ್ರಾಮಿಕ ರೋಗಗಳ ಭೀತಿಯಲ್ಲಿ ದಿನ ಕಳೆಯುವಂತಾಗಿದೆ. ಗ್ರಾಮ ಪಂಚಾಯಿತಿ ಅಧಿಕಾರಿಗಳಿಗೆ ಹಲವು ಬಾರಿ ಮನವಿ ಮಾಡಿದರೂ ಯಾವುದೇ ಪ್ರಯೋಜನವಾಗಿಲ್ಲ ಎಂದು ಗ್ರಾಮಸ್ಥರು ಆರೋಪಿಸಿದ್ದಾರೆ. ಚರಂಡಿಯಲ್ಲಿ ಗಿಡಗಂಟಿಗಳು ಬೆಳೆದು ನೀರು ಸರಾಗವಾಗಿ ಹರಿಯದೆ ನಿಂತಲ್ಲೇ ನಿಂತು ದುರ್ವಾಸನೆ ಬೀರುತ್ತಿದೆ. ಸ್ವಚ್ಛ ಭಾರತ ಅಭಿಯಾನದಡಿ ಲಕ್ಷಾಂತರ ರೂಪಾಯಿ ಅನುದಾನ ಬಿಡುಗಡೆಯಾದರೂ ಸ್ವಚ್ಛತೆ ಮರೀಚಿಕೆಯಾಗಿದೆ. 15 ನೇ ಹಣಕಾಸು ಯೋಜನೆಯಡಿ ಚರಂಡಿ ಸ್ವಚ್ಛತೆಗೆ ಹಣ ಮೀಸಲಿಟ್ಟಿದ್ದರೂ ಕೆಲಸ ಮಾಡಿಲ್ಲ. ಕೂಡಲೇ ಸಂಬಂಧಪಟ್ಟ ಅಧಿಕಾರಿಗಳು ಎಚ್ಚೆತ್ತು ಚರಂಡಿ ಸ್ವಚ್ಛಗೊಳಿಸಲು ಕ್ರಮ ಕೈಗೊಳ್ಳಬೇಕು ಎಂದು ಗ್ರಾಮಸ್ಥರು ಒತ್ತಾಯಿಸಿದ್ದಾರೆ. ಈ ಬಗ್ಗೆ ಗ್ರಾಮ ಪಂಚಾಯಿತಿ ಅಭಿವೃದ್ಧಿ ಅಧಿಕಾರಿಯನ್ನು ಸಂಪರ್ಕಿಸಿದಾಗ ಶೀಘ್ರದಲ್ಲೇ
ಹುಳಿಯಾರು ಹೋಬಳಿಯ ತಿಮ್ಮಾಪುರ ಗ್ರಾಮ ಪಂಚಾಯಿತಿ ವ್ಯಾಪ್ತಿಯಲ್ಲಿ ಚರಂಡಿಗಳ ಸ್ವಚ್ಛತೆ ಮಾಡದೆ ತಿಂಗಳುಗಳೇ ಕಳೆದಿದ್ದು ಚರಂಡಿಯಲ್ಲಿ ಹೂಳು ತುಂಬಿ ಕೊಳಚೆ ನೀರು ರಸ್ತೆಗೆ ಹರಿಯುತ್ತಿದೆ. ಇದರಿಂದ ಸೊಳ್ಳೆಗಳ ಕಾಟ ಹೆಚ್ಚಾಗಿದ್ದು ಗ್ರಾಮಸ್ಥರು ಸಾಂಕ್ರಾಮಿಕ ರೋಗಗಳ ಭೀತಿಯಲ್ಲಿ ದಿನ ಕಳೆಯುವಂತಾಗಿದೆ. ಗ್ರಾಮ ಪಂಚಾಯಿತಿ ಅಧಿಕಾರಿಗಳಿಗೆ ಹಲವು ಬಾರಿ ಮನವಿ ಮಾಡಿದರೂ ಯಾವುದೇ ಪ್ರಯೋಜನವಾಗಿಲ್ಲ ಎಂದು ಗ್ರಾಮಸ್ಥರು ಆರೋಪಿಸಿದ್ದಾರೆ. ಚರಂಡಿಯಲ್ಲಿ ಗಿಡಗಂಟಿಗಳು ಬೆಳೆದು ನೀರು ಸರಾಗವಾಗಿ ಹರಿಯದೆ ನಿಂತಲ್ಲೇ ನಿಂತು ದುರ್ವಾಸನೆ ಬೀರುತ್ತಿದೆ. ಸ್ವಚ್ಛ ಭಾರತ ಅಭಿಯಾನದಡಿ ಲಕ್ಷಾಂತರ ರೂಪಾಯಿ ಅನುದಾನ ಬಿಡುಗಡೆಯಾದರೂ ಸ್ವಚ್ಛತೆ ಮರೀಚಿಕೆಯಾಗಿದೆ. 15 ನೇ ಹಣಕಾಸು ಯೋಜನೆಯಡಿ ಚರಂಡಿ ಸ್ವಚ್ಛತೆಗೆ ಹಣ ಮೀಸಲಿಟ್ಟಿದ್ದರೂ ಕೆಲಸ ಮಾಡಿಲ್ಲ. ಕೂಡಲೇ ಸಂಬಂಧಪಟ್ಟ ಅಧಿಕಾರಿಗಳು ಎಚ್ಚೆತ್ತು ಚರಂಡಿ ಸ್ವಚ್ಛಗೊಳಿಸಲು ಕ್ರಮ ಕೈಗೊಳ್ಳಬೇಕು ಎಂದು ಗ್ರಾಮಸ್ಥರು ಒತ್ತಾಯಿಸಿದ್ದಾರೆ. ಈ ಬಗ್ಗೆ ಗ್ರಾಮ ಪಂಚಾಯಿತಿ ಅಭಿವೃದ್ಧಿ ಅಧಿಕಾರಿಯನ್ನು ಸಂಪರ್ಕಿಸಿದಾಗ ಶೀಘ್ರದಲ್ಲೇ ಚರಂಡಿ ಸ್ವಚ್ಛತೆ ಕೈಗೊಳ್ಳಲಾಗುವುದು ಎಂದು ತಿಳಿಸಿದರು. ಗ್ರಾಮದ ಪ್ರಮುಖ ರಸ್ತೆಗಳ ಬದಿಯಲ್ಲಿರುವ ಚರಂಡಿಗಳು ಸಂಪೂರ್ಣ ಮುಚ್ಚಿಹೋಗಿದ್ದು ಮಳೆಗಾಲಕ್ಕೂ ಮುನ್ನ ಸ್ವಚ್ಛಗೊಳಿಸದಿದ್ದರೆ ಮನೆಗಳಿಗೆ ನೀರು ನುಗ್ಗುವ ಸಾಧ್ಯತೆ ಇದೆ.
ರಂಜಾನ್ ಸಾಮೂಹಿಕ ಪ್ರಾರ್ಥನೆ
ಚಿಕ್ಕಬಳ್ಳಾಪುರ: ನಗರದ ಬಿಬಿ ರಸ್ತೆಯಲ್ಲಿರುವ ಹುಸೇನಿಯಾ ಮಸೀದಿಯಲ್ಲಿ ರಂಜಾನ್ ತಿಂಗಳ ಅಂಗವಾಗಿ ವಿಶೇಷ ಪ್ರಾರ್ಥನೆ,ಸಾಮೂಹಿಕ ಇಫ್ತಾರ್ ಕೂಟ ಆಯೋಜಿಸಲಾಗಿತ್ತು. ಮಸೀದಿಯ ಮುಖಂಡರು ಮಾತನಾಡಿ, ರಂಜಾನ್ ಮಾಸವು ಪವಿತ್ರ ತಿಂಗಳಾಗಿದ್ದು ಉಪವಾಸ ವ್ರತ ಆಚರಣೆಯಿಂದ ಮನಸ್ಸು ಶುದ್ಧಿಯಾಗುತ್ತದೆ. ಈ ಧಾರ್ಮಿಕ ಕಾರ್ಯಕ್ರಮದಲ್ಲಿ ಎಲ್ಲಾ ಸಮುದಾಯದವರು ಪಾಲ್ಗೊಂಡು ಸೌಹಾರ್ದತೆ ಮೆರೆದರು. ಹಿಂದೂ ಮುಸ್ಲಿಂ ಭಾವೈಕ್ಯತೆಗೆ ಈ ಕಾರ್ಯಕ್ರಮ ಸಾಕ್ಷಿಯಾಯಿತು ಎಂದರು. ಈ ಸಂದರ್ಭದಲ್ಲಿ ನಯಾಜ್, ಖಲೀಲ್, ವಸೀಂ, ಇಬ್ರಾಹಿಂ, ಸಿರಾಜ್, ಇಮ್ರಾನ್, ಮುಷ್ತಾಕ್, ಅಬ್ದುಲ್ ರಹೀಂ ಸೇರಿದಂತೆ ಮುಸ್ಲಿಂ ಸಮುದಾಯದ ಮುಖಂಡರು ಉಪಸ್ಥಿತರಿದ್ದರು. ಈ ಸಂದರ್ಭದಲ್ಲಿ ಕೆ ವಿ ಸುದೀರ್ ಅವರ ಅನುಯಾಯಿಗಳು ಸೇರಿದ್ದರು.
